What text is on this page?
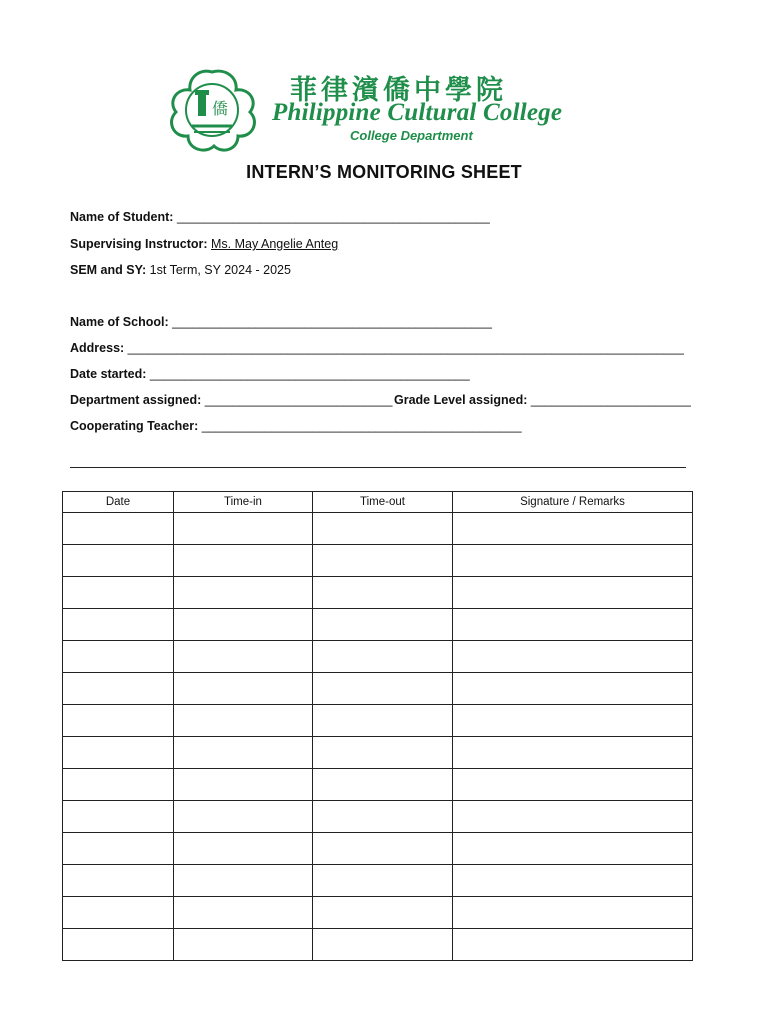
僑
菲律濱僑中學院
Philippine Cultural College
College Department
INTERN’S MONITORING SHEET
Name of Student: _____________________________________________
Supervising Instructor: Ms. May Angelie Anteg
SEM and SY: 1st Term, SY 2024 - 2025
Name of School: ______________________________________________
Address: ________________________________________________________________________________
Date started: ______________________________________________
Department assigned: ___________________________ Grade Level assigned: _______________________
Cooperating Teacher: ______________________________________________
Date	Time-in	Time-out	Signature / Remarks
